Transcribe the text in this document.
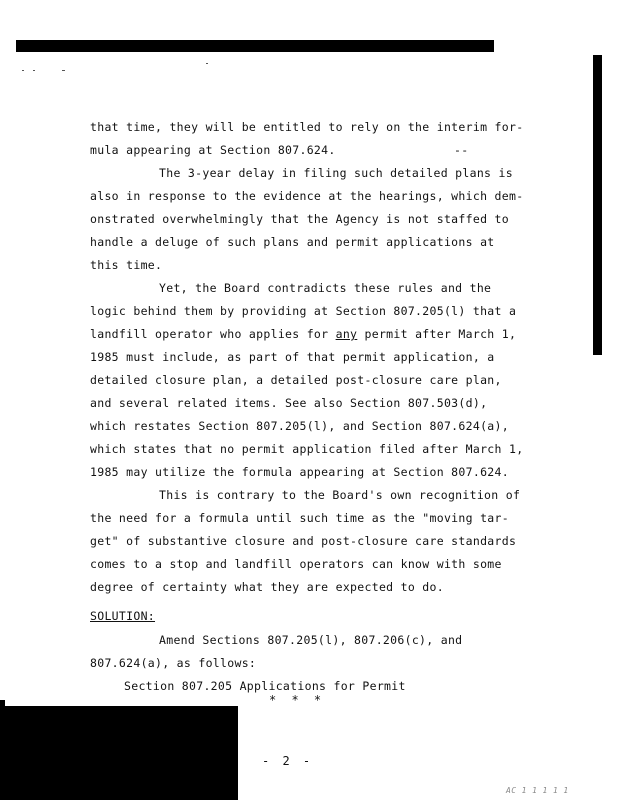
that time, they will be entitled to rely on the interim for-
mula appearing at Section 807.624.	--
The 3-year delay in filing such detailed plans is
also in response to the evidence at the hearings, which dem-
onstrated overwhelmingly that the Agency is not staffed to
handle a deluge of such plans and permit applications at
this time.
Yet, the Board contradicts these rules and the
logic behind them by providing at Section 807.205(l) that a
landfill operator who applies for any permit after March 1,
1985 must include, as part of that permit application, a
detailed closure plan, a detailed post-closure care plan,
and several related items. See also Section 807.503(d),
which restates Section 807.205(l), and Section 807.624(a),
which states that no permit application filed after March 1,
1985 may utilize the formula appearing at Section 807.624.
This is contrary to the Board's own recognition of
the need for a formula until such time as the "moving tar-
get" of substantive closure and post-closure care standards
comes to a stop and landfill operators can know with some
degree of certainty what they are expected to do.
SOLUTION:
Amend Sections 807.205(l), 807.206(c), and
807.624(a), as follows:
Section 807.205 Applications for Permit
* * *
- 2 -
AC 1 1 1 1 1
